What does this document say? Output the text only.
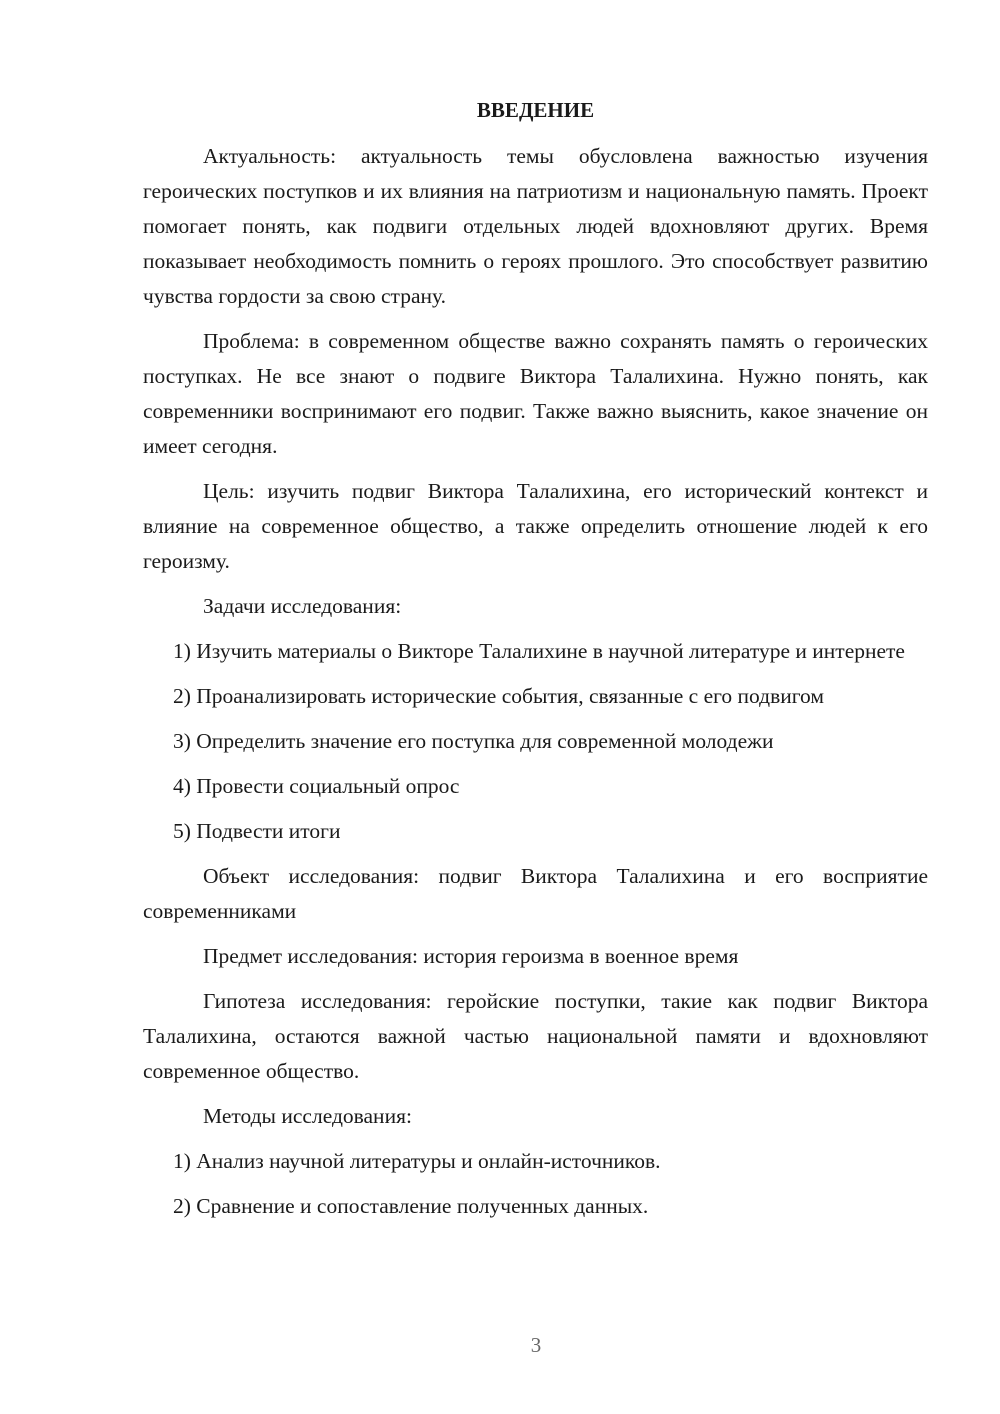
ВВЕДЕНИЕ

Актуальность: актуальность темы обусловлена важностью изучения героических поступков и их влияния на патриотизм и национальную память. Проект помогает понять, как подвиги отдельных людей вдохновляют других. Время показывает необходимость помнить о героях прошлого. Это способствует развитию чувства гордости за свою страну.

Проблема: в современном обществе важно сохранять память о героических поступках. Не все знают о подвиге Виктора Талалихина. Нужно понять, как современники воспринимают его подвиг. Также важно выяснить, какое значение он имеет сегодня.

Цель: изучить подвиг Виктора Талалихина, его исторический контекст и влияние на современное общество, а также определить отношение людей к его героизму.

Задачи исследования:

1) Изучить материалы о Викторе Талалихине в научной литературе и интернете

2) Проанализировать исторические события, связанные с его подвигом

3) Определить значение его поступка для современной молодежи

4) Провести социальный опрос

5) Подвести итоги

Объект исследования: подвиг Виктора Талалихина и его восприятие современниками

Предмет исследования: история героизма в военное время

Гипотеза исследования: геройские поступки, такие как подвиг Виктора Талалихина, остаются важной частью национальной памяти и вдохновляют современное общество.

Методы исследования:

1) Анализ научной литературы и онлайн-источников.

2) Сравнение и сопоставление полученных данных.

3
